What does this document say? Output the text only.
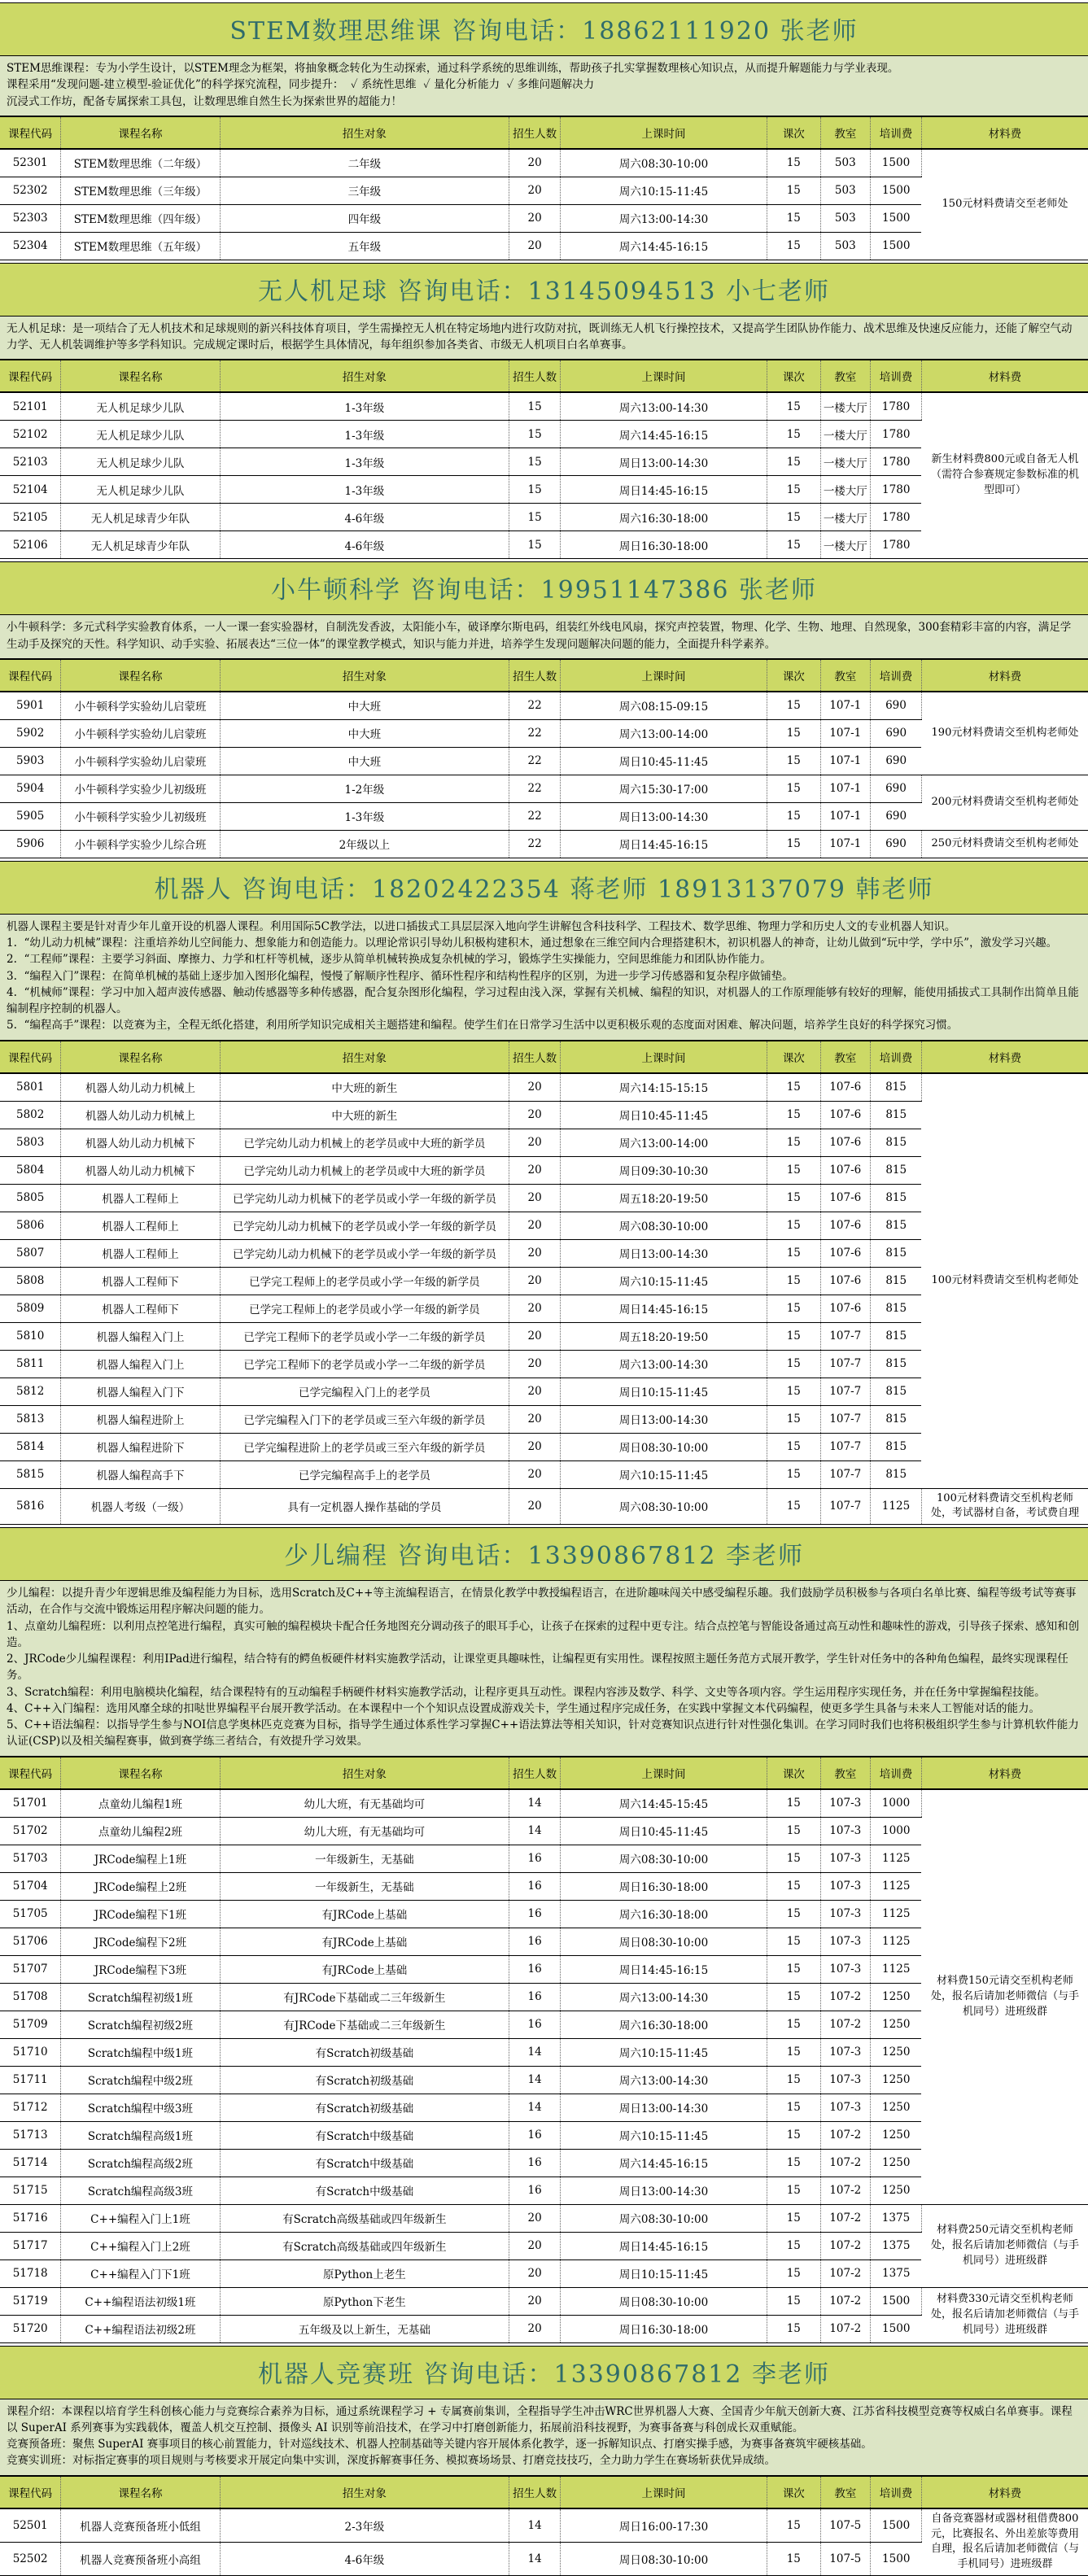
STEM数理思维课 咨询电话：18862111920 张老师
STEM思维课程：专为小学生设计，以STEM理念为框架，将抽象概念转化为生动探索，通过科学系统的思维训练，帮助孩子扎实掌握数理核心知识点，从而提升解题能力与学业表现。
课程采用“发现问题-建立模型-验证优化”的科学探究流程，同步提升：  ✓ 系统性思维  ✓ 量化分析能力  ✓ 多维问题解决力
沉浸式工作坊，配备专属探索工具包，让数理思维自然生长为探索世界的超能力！
课程代码	课程名称	招生对象	招生人数	上课时间	课次	教室	培训费	材料费
52301	STEM数理思维（二年级）	二年级	20	周六08:30-10:00	15	503	1500	150元材料费请交至老师处
52302	STEM数理思维（三年级）	三年级	20	周六10:15-11:45	15	503	1500	
52303	STEM数理思维（四年级）	四年级	20	周六13:00-14:30	15	503	1500	
52304	STEM数理思维（五年级）	五年级	20	周六14:45-16:15	15	503	1500	
无人机足球 咨询电话：13145094513 小七老师
无人机足球：是一项结合了无人机技术和足球规则的新兴科技体育项目，学生需操控无人机在特定场地内进行攻防对抗，既训练无人机飞行操控技术，又提高学生团队协作能力、战术思维及快速反应能力，还能了解空气动力学、无人机装调维护等多学科知识。完成规定课时后，根据学生具体情况，每年组织参加各类省、市级无人机项目白名单赛事。
课程代码	课程名称	招生对象	招生人数	上课时间	课次	教室	培训费	材料费
52101	无人机足球少儿队	1-3年级	15	周六13:00-14:30	15	一楼大厅	1780	新生材料费800元或自备无人机（需符合参赛规定参数标准的机型即可）
52102	无人机足球少儿队	1-3年级	15	周六14:45-16:15	15	一楼大厅	1780	
52103	无人机足球少儿队	1-3年级	15	周日13:00-14:30	15	一楼大厅	1780	
52104	无人机足球少儿队	1-3年级	15	周日14:45-16:15	15	一楼大厅	1780	
52105	无人机足球青少年队	4-6年级	15	周六16:30-18:00	15	一楼大厅	1780	
52106	无人机足球青少年队	4-6年级	15	周日16:30-18:00	15	一楼大厅	1780	
小牛顿科学 咨询电话：19951147386 张老师
小牛顿科学：多元式科学实验教育体系，一人一课一套实验器材，自制洗发香波，太阳能小车，破译摩尔斯电码，组装红外线电风扇，探究声控装置，物理、化学、生物、地理、自然现象，300套精彩丰富的内容，满足学生动手及探究的天性。科学知识、动手实验、拓展表达“三位一体”的课堂教学模式，知识与能力并进，培养学生发现问题解决问题的能力，全面提升科学素养。
课程代码	课程名称	招生对象	招生人数	上课时间	课次	教室	培训费	材料费
5901	小牛顿科学实验幼儿启蒙班	中大班	22	周六08:15-09:15	15	107-1	690	190元材料费请交至机构老师处
5902	小牛顿科学实验幼儿启蒙班	中大班	22	周六13:00-14:00	15	107-1	690	
5903	小牛顿科学实验幼儿启蒙班	中大班	22	周日10:45-11:45	15	107-1	690	
5904	小牛顿科学实验少儿初级班	1-2年级	22	周六15:30-17:00	15	107-1	690	200元材料费请交至机构老师处
5905	小牛顿科学实验少儿初级班	1-3年级	22	周日13:00-14:30	15	107-1	690	
5906	小牛顿科学实验少儿综合班	2年级以上	22	周日14:45-16:15	15	107-1	690	250元材料费请交至机构老师处
机器人 咨询电话：18202422354 蒋老师 18913137079 韩老师
机器人课程主要是针对青少年儿童开设的机器人课程。利用国际5C教学法，以进口插拔式工具层层深入地向学生讲解包含科技科学、工程技术、数学思维、物理力学和历史人文的专业机器人知识。
1.  “幼儿动力机械”课程：注重培养幼儿空间能力、想象能力和创造能力。以理论常识引导幼儿积极构建积木，通过想象在三维空间内合理搭建积木，初识机器人的神奇，让幼儿做到“玩中学，学中乐”，激发学习兴趣。
2.  “工程师”课程：主要学习斜面、摩擦力、力学和杠杆等机械，逐步从简单机械转换成复杂机械的学习，锻炼学生实操能力，空间思维能力和团队协作能力。
3.  “编程入门”课程：在简单机械的基础上逐步加入图形化编程，慢慢了解顺序性程序、循环性程序和结构性程序的区别，为进一步学习传感器和复杂程序做铺垫。
4.  “机械师”课程：学习中加入超声波传感器、触动传感器等多种传感器，配合复杂图形化编程，学习过程由浅入深，掌握有关机械、编程的知识，对机器人的工作原理能够有较好的理解，能使用插拔式工具制作出简单且能编制程序控制的机器人。
5.  “编程高手”课程：以竞赛为主，全程无纸化搭建，利用所学知识完成相关主题搭建和编程。使学生们在日常学习生活中以更积极乐观的态度面对困难、解决问题，培养学生良好的科学探究习惯。
课程代码	课程名称	招生对象	招生人数	上课时间	课次	教室	培训费	材料费
5801	机器人幼儿动力机械上	中大班的新生	20	周六14:15-15:15	15	107-6	815	100元材料费请交至机构老师处
5802	机器人幼儿动力机械上	中大班的新生	20	周日10:45-11:45	15	107-6	815	
5803	机器人幼儿动力机械下	已学完幼儿动力机械上的老学员或中大班的新学员	20	周六13:00-14:00	15	107-6	815	
5804	机器人幼儿动力机械下	已学完幼儿动力机械上的老学员或中大班的新学员	20	周日09:30-10:30	15	107-6	815	
5805	机器人工程师上	已学完幼儿动力机械下的老学员或小学一年级的新学员	20	周五18:20-19:50	15	107-6	815	
5806	机器人工程师上	已学完幼儿动力机械下的老学员或小学一年级的新学员	20	周六08:30-10:00	15	107-6	815	
5807	机器人工程师上	已学完幼儿动力机械下的老学员或小学一年级的新学员	20	周日13:00-14:30	15	107-6	815	
5808	机器人工程师下	已学完工程师上的老学员或小学一年级的新学员	20	周六10:15-11:45	15	107-6	815	
5809	机器人工程师下	已学完工程师上的老学员或小学一年级的新学员	20	周日14:45-16:15	15	107-6	815	
5810	机器人编程入门上	已学完工程师下的老学员或小学一二年级的新学员	20	周五18:20-19:50	15	107-7	815	
5811	机器人编程入门上	已学完工程师下的老学员或小学一二年级的新学员	20	周六13:00-14:30	15	107-7	815	
5812	机器人编程入门下	已学完编程入门上的老学员	20	周日10:15-11:45	15	107-7	815	
5813	机器人编程进阶上	已学完编程入门下的老学员或三至六年级的新学员	20	周日13:00-14:30	15	107-7	815	
5814	机器人编程进阶下	已学完编程进阶上的老学员或三至六年级的新学员	20	周日08:30-10:00	15	107-7	815	
5815	机器人编程高手下	已学完编程高手上的老学员	20	周六10:15-11:45	15	107-7	815	
5816	机器人考级（一级）	具有一定机器人操作基础的学员	20	周六08:30-10:00	15	107-7	1125	100元材料费请交至机构老师处，考试器材自备，考试费自理
少儿编程 咨询电话：13390867812 李老师
少儿编程：以提升青少年逻辑思维及编程能力为目标，选用Scratch及C++等主流编程语言，在情景化教学中教授编程语言，在进阶趣味闯关中感受编程乐趣。我们鼓励学员积极参与各项白名单比赛、编程等级考试等赛事活动，在合作与交流中锻炼运用程序解决问题的能力。
1、点童幼儿编程班：以利用点控笔进行编程，真实可触的编程模块卡配合任务地图充分调动孩子的眼耳手心，让孩子在探索的过程中更专注。结合点控笔与智能设备通过高互动性和趣味性的游戏，引导孩子探索、感知和创造。
2、JRCode少儿编程课程：利用IPad进行编程，结合特有的鳄鱼板硬件材料实施教学活动，让课堂更具趣味性，让编程更有实用性。课程按照主题任务范方式展开教学，学生针对任务中的各种角色编程，最终实现课程任务。
3、Scratch编程：利用电脑模块化编程，结合课程特有的互动编程手柄硬件材料实施教学活动，让程序更具互动性。课程内容涉及数学、科学、文史等各项内容。学生运用程序实现任务，并在任务中掌握编程技能。
4、C++入门编程：选用风靡全球的扣哒世界编程平台展开教学活动。在本课程中一个个知识点设置成游戏关卡，学生通过程序完成任务，在实践中掌握文本代码编程，使更多学生具备与未来人工智能对话的能力。
5、C++语法编程：以指导学生参与NOI信息学奥林匹克竞赛为目标，指导学生通过体系性学习掌握C++语法算法等相关知识，针对竞赛知识点进行针对性强化集训。在学习同时我们也将积极组织学生参与计算机软件能力认证(CSP)以及相关编程赛事，做到赛学练三者结合，有效提升学习效果。
课程代码	课程名称	招生对象	招生人数	上课时间	课次	教室	培训费	材料费
51701	点童幼儿编程1班	幼儿大班，有无基础均可	14	周六14:45-15:45	15	107-3	1000	材料费150元请交至机构老师处，报名后请加老师微信（与手机同号）进班级群
51702	点童幼儿编程2班	幼儿大班，有无基础均可	14	周日10:45-11:45	15	107-3	1000	
51703	JRCode编程上1班	一年级新生，无基础	16	周六08:30-10:00	15	107-3	1125	
51704	JRCode编程上2班	一年级新生，无基础	16	周日16:30-18:00	15	107-3	1125	
51705	JRCode编程下1班	有JRCode上基础	16	周六16:30-18:00	15	107-3	1125	
51706	JRCode编程下2班	有JRCode上基础	16	周日08:30-10:00	15	107-3	1125	
51707	JRCode编程下3班	有JRCode上基础	16	周日14:45-16:15	15	107-3	1125	
51708	Scratch编程初级1班	有JRCode下基础或二三年级新生	16	周六13:00-14:30	15	107-2	1250	
51709	Scratch编程初级2班	有JRCode下基础或二三年级新生	16	周六16:30-18:00	15	107-2	1250	
51710	Scratch编程中级1班	有Scratch初级基础	14	周六10:15-11:45	15	107-3	1250	
51711	Scratch编程中级2班	有Scratch初级基础	14	周六13:00-14:30	15	107-3	1250	
51712	Scratch编程中级3班	有Scratch初级基础	14	周日13:00-14:30	15	107-3	1250	
51713	Scratch编程高级1班	有Scratch中级基础	16	周六10:15-11:45	15	107-2	1250	
51714	Scratch编程高级2班	有Scratch中级基础	16	周六14:45-16:15	15	107-2	1250	
51715	Scratch编程高级3班	有Scratch中级基础	16	周日13:00-14:30	15	107-2	1250	
51716	C++编程入门上1班	有Scratch高级基础或四年级新生	20	周六08:30-10:00	15	107-2	1375	材料费250元请交至机构老师处，报名后请加老师微信（与手机同号）进班级群
51717	C++编程入门上2班	有Scratch高级基础或四年级新生	20	周日14:45-16:15	15	107-2	1375	
51718	C++编程入门下1班	原Python上老生	20	周日10:15-11:45	15	107-2	1375	
51719	C++编程语法初级1班	原Python下老生	20	周日08:30-10:00	15	107-2	1500	材料费330元请交至机构老师处，报名后请加老师微信（与手机同号）进班级群
51720	C++编程语法初级2班	五年级及以上新生，无基础	20	周日16:30-18:00	15	107-2	1500	
机器人竞赛班 咨询电话：13390867812 李老师
课程介绍：本课程以培育学生科创核心能力与竞赛综合素养为目标，通过系统课程学习 + 专属赛前集训，全程指导学生冲击WRC世界机器人大赛、全国青少年航天创新大赛、江苏省科技模型竞赛等权威白名单赛事。课程以 SuperAI 系列赛事为实践载体，覆盖人机交互控制、摄像头 AI 识别等前沿技术，在学习中打磨创新能力，拓展前沿科技视野，为赛事备赛与科创成长双重赋能。
竞赛预备班：聚焦 SuperAI 赛事项目的核心前置能力，针对巡线技术、机器人控制基础等关键内容开展体系化教学，逐一拆解知识点、打磨实操手感，为赛事备赛筑牢硬核基础。
竞赛实训班：对标指定赛事的项目规则与考核要求开展定向集中实训，深度拆解赛事任务、模拟赛场场景、打磨竞技技巧，全力助力学生在赛场斩获优异成绩。
课程代码	课程名称	招生对象	招生人数	上课时间	课次	教室	培训费	材料费
52501	机器人竞赛预备班小低组	2-3年级	14	周日16:00-17:30	15	107-5	1500	自备竞赛器材或器材租借费800元，比赛报名、外出差旅等费用自理，报名后请加老师微信（与手机同号）进班级群
52502	机器人竞赛预备班小高组	4-6年级	14	周日08:30-10:00	15	107-5	1500	
